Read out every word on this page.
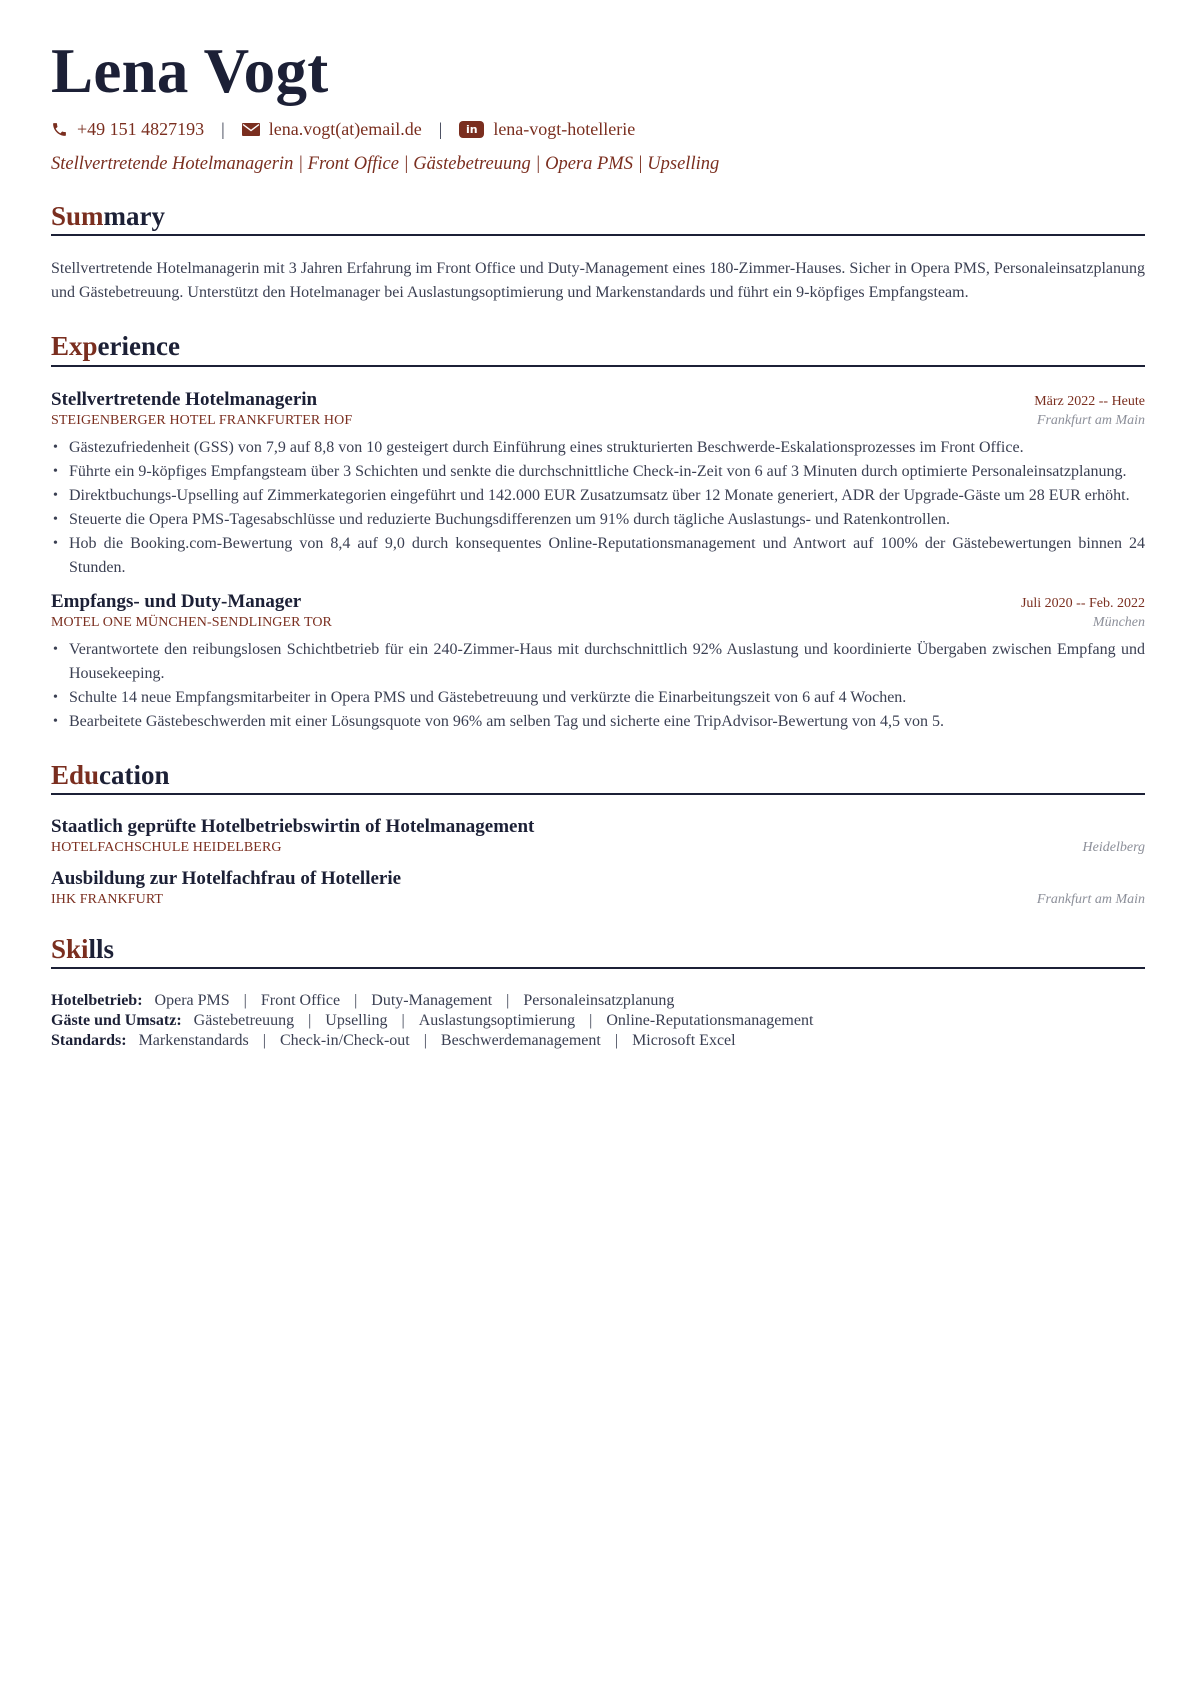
Lena Vogt
+49 151 4827193 | lena.vogt(at)email.de |	in lena-vogt-hotellerie
Stellvertretende Hotelmanagerin | Front Office | Gästebetreuung | Opera PMS | Upselling
Summary
Stellvertretende Hotelmanagerin mit 3 Jahren Erfahrung im Front Office und Duty-Management eines 180-Zimmer-Hauses. Sicher in Opera PMS, Personaleinsatzplanung und Gästebetreuung. Unterstützt den Hotelmanager bei Auslastungsoptimierung und Markenstandards und führt ein 9-köpfiges Empfangsteam.
Experience
Stellvertretende Hotelmanagerin	März 2022 -- Heute
STEIGENBERGER HOTEL FRANKFURTER HOF	Frankfurt am Main
• Gästezufriedenheit (GSS) von 7,9 auf 8,8 von 10 gesteigert durch Einführung eines strukturierten Beschwerde-Eskalationsprozesses im Front Office.
• Führte ein 9-köpfiges Empfangsteam über 3 Schichten und senkte die durchschnittliche Check-in-Zeit von 6 auf 3 Minuten durch optimierte Personaleinsatzplanung.
• Direktbuchungs-Upselling auf Zimmerkategorien eingeführt und 142.000 EUR Zusatzumsatz über 12 Monate generiert, ADR der Upgrade-Gäste um 28 EUR erhöht.
• Steuerte die Opera PMS-Tagesabschlüsse und reduzierte Buchungsdifferenzen um 91% durch tägliche Auslastungs- und Ratenkontrollen.
• Hob die Booking.com-Bewertung von 8,4 auf 9,0 durch konsequentes Online-Reputationsmanagement und Antwort auf 100% der Gästebewertungen binnen 24 Stunden.
Empfangs- und Duty-Manager	Juli 2020 -- Feb. 2022
MOTEL ONE MÜNCHEN-SENDLINGER TOR	München
• Verantwortete den reibungslosen Schichtbetrieb für ein 240-Zimmer-Haus mit durchschnittlich 92% Auslastung und koordinierte Übergaben zwischen Empfang und Housekeeping.
• Schulte 14 neue Empfangsmitarbeiter in Opera PMS und Gästebetreuung und verkürzte die Einarbeitungszeit von 6 auf 4 Wochen.
• Bearbeitete Gästebeschwerden mit einer Lösungsquote von 96% am selben Tag und sicherte eine TripAdvisor-Bewertung von 4,5 von 5.
Education
Staatlich geprüfte Hotelbetriebswirtin of Hotelmanagement
HOTELFACHSCHULE HEIDELBERG	Heidelberg
Ausbildung zur Hotelfachfrau of Hotellerie
IHK FRANKFURT	Frankfurt am Main
Skills
Hotelbetrieb: Opera PMS | Front Office | Duty-Management | Personaleinsatzplanung
Gäste und Umsatz: Gästebetreuung | Upselling | Auslastungsoptimierung | Online-Reputationsmanagement
Standards: Markenstandards | Check-in/Check-out | Beschwerdemanagement | Microsoft Excel
